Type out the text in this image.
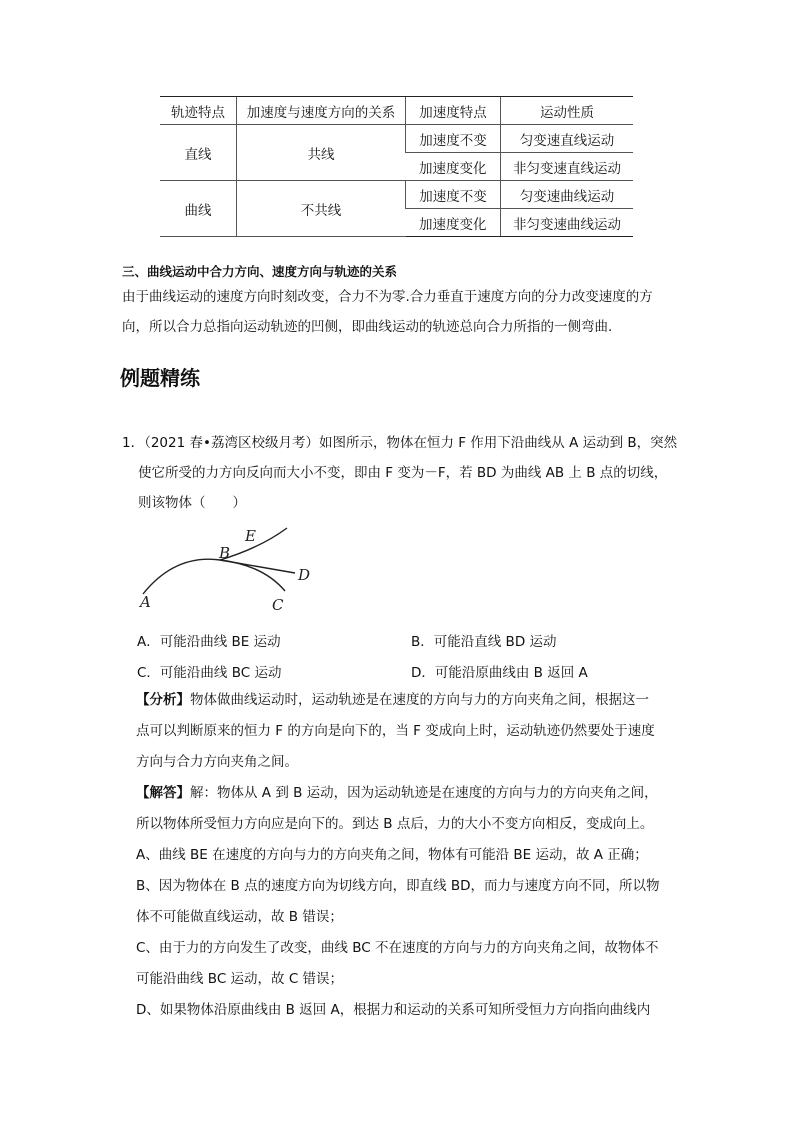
轨迹特点	加速度与速度方向的关系	加速度特点	运动性质
直线	共线	加速度不变	匀变速直线运动
		加速度变化	非匀变速直线运动
曲线	不共线	加速度不变	匀变速曲线运动
		加速度变化	非匀变速曲线运动
三、曲线运动中合力方向、速度方向与轨迹的关系
由于曲线运动的速度方向时刻改变，合力不为零.合力垂直于速度方向的分力改变速度的方
向，所以合力总指向运动轨迹的凹侧，即曲线运动的轨迹总向合力所指的一侧弯曲.
例题精练
1．（2021 春•荔湾区校级月考）如图所示，物体在恒力 F 作用下沿曲线从 A 运动到 B，突然
使它所受的力方向反向而大小不变，即由 F 变为－F，若 BD 为曲线 AB 上 B 点的切线，
则该物体（　　）
A
B
E
D
C
A．可能沿曲线 BE 运动	B．可能沿直线 BD 运动
C．可能沿曲线 BC 运动	D．可能沿原曲线由 B 返回 A

【分析】物体做曲线运动时，运动轨迹是在速度的方向与力的方向夹角之间，根据这一

点可以判断原来的恒力 F 的方向是向下的，当 F 变成向上时，运动轨迹仍然要处于速度

方向与合力方向夹角之间。

【解答】解：物体从 A 到 B 运动，因为运动轨迹是在速度的方向与力的方向夹角之间，

所以物体所受恒力方向应是向下的。到达 B 点后，力的大小不变方向相反，变成向上。

A、曲线 BE 在速度的方向与力的方向夹角之间，物体有可能沿 BE 运动，故 A 正确；

B、因为物体在 B 点的速度方向为切线方向，即直线 BD，而力与速度方向不同，所以物

体不可能做直线运动，故 B 错误；

C、由于力的方向发生了改变，曲线 BC 不在速度的方向与力的方向夹角之间，故物体不

可能沿曲线 BC 运动，故 C 错误；

D、如果物体沿原曲线由 B 返回 A，根据力和运动的关系可知所受恒力方向指向曲线内
